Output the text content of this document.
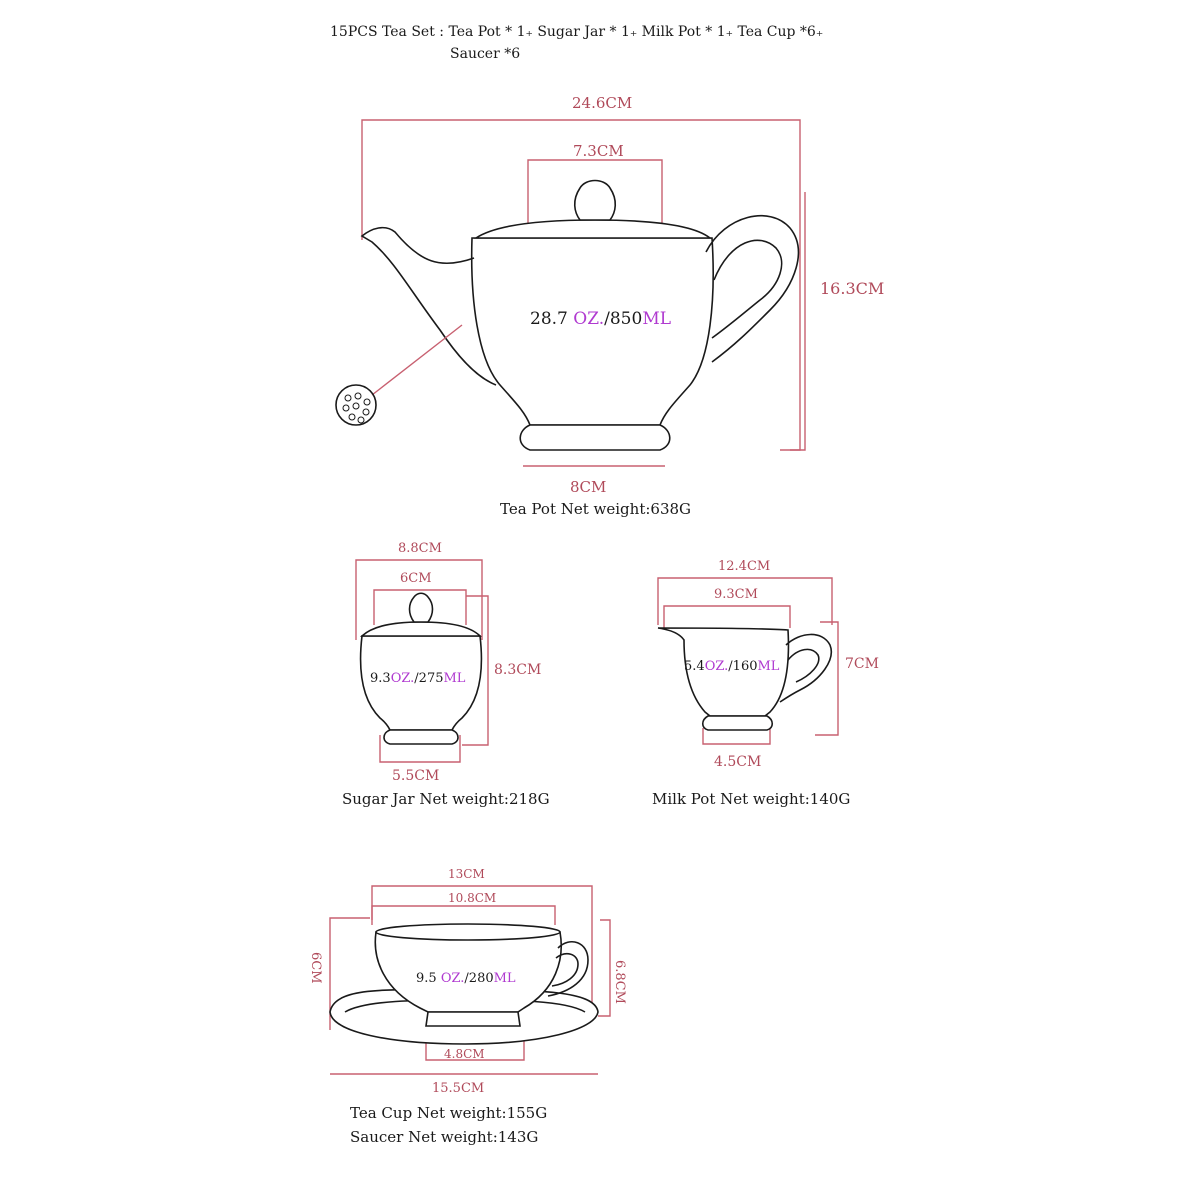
15PCS Tea Set : Tea Pot * 1₊ Sugar Jar * 1₊ Milk Pot * 1₊ Tea Cup *6₊
Saucer *6
24.6CM
7.3CM
16.3CM
8CM
28.7 OZ./850ML
Tea Pot Net weight:638G
8.8CM
6CM
8.3CM
5.5CM
9.3OZ./275ML
Sugar Jar Net weight:218G
12.4CM
9.3CM
7CM
4.5CM
5.4OZ./160ML
Milk Pot Net weight:140G
13CM
10.8CM
6CM	6.8CM
4.8CM
15.5CM
9.5 OZ./280ML
Tea Cup Net weight:155G
Saucer Net weight:143G
